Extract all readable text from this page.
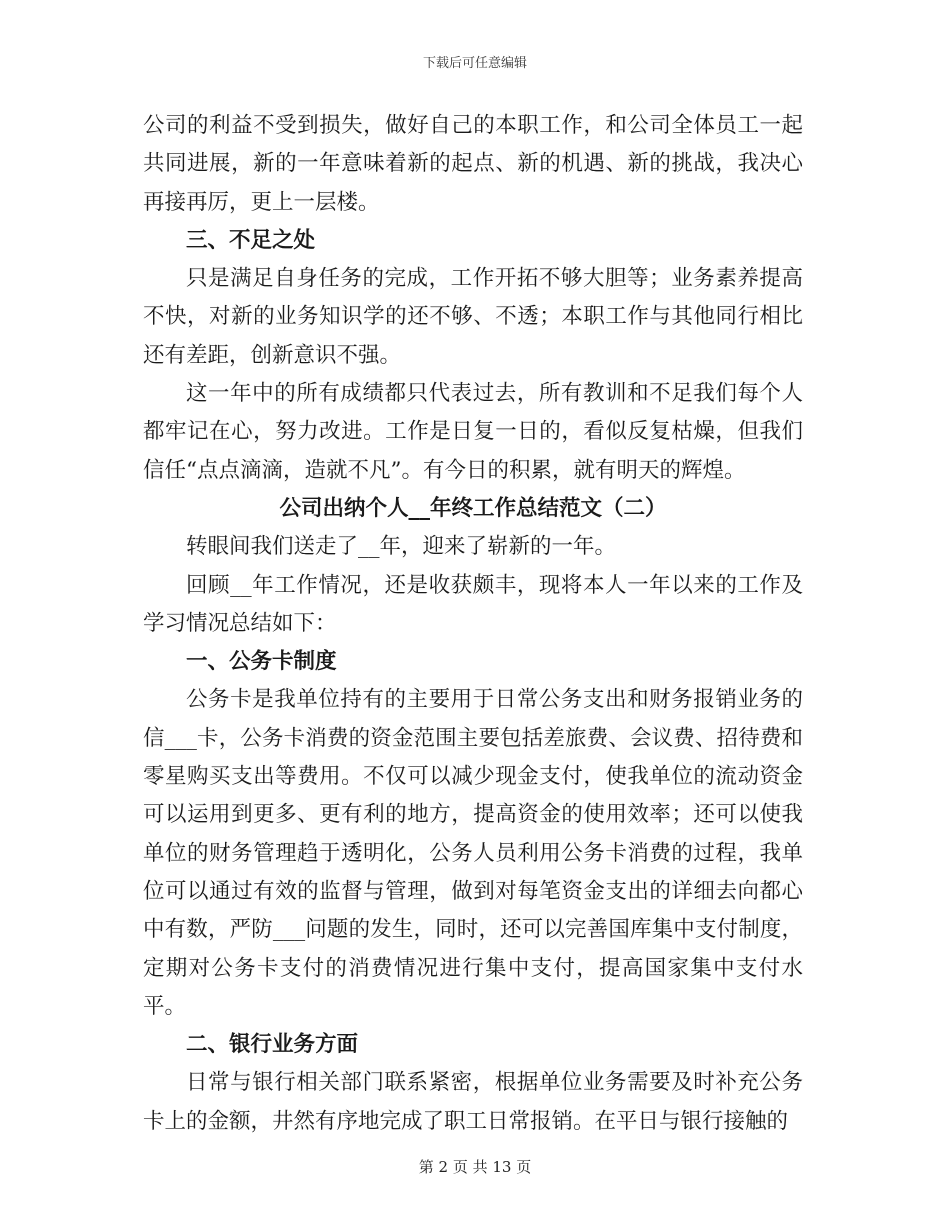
下载后可任意编辑

公司的利益不受到损失，做好自己的本职工作，和公司全体员工一起共同进展，新的一年意味着新的起点、新的机遇、新的挑战，我决心再接再厉，更上一层楼。

三、不足之处

只是满足自身任务的完成，工作开拓不够大胆等；业务素养提高不快，对新的业务知识学的还不够、不透；本职工作与其他同行相比还有差距，创新意识不强。

这一年中的所有成绩都只代表过去，所有教训和不足我们每个人都牢记在心，努力改进。工作是日复一日的，看似反复枯燥，但我们信任“点点滴滴，造就不凡”。有今日的积累，就有明天的辉煌。

公司出纳个人__年终工作总结范文（二）

转眼间我们送走了__年，迎来了崭新的一年。

回顾__年工作情况，还是收获颇丰，现将本人一年以来的工作及学习情况总结如下：

一、公务卡制度

公务卡是我单位持有的主要用于日常公务支出和财务报销业务的信___卡，公务卡消费的资金范围主要包括差旅费、会议费、招待费和零星购买支出等费用。不仅可以减少现金支付，使我单位的流动资金可以运用到更多、更有利的地方，提高资金的使用效率；还可以使我单位的财务管理趋于透明化，公务人员利用公务卡消费的过程，我单位可以通过有效的监督与管理，做到对每笔资金支出的详细去向都心中有数，严防___问题的发生，同时，还可以完善国库集中支付制度，定期对公务卡支付的消费情况进行集中支付，提高国家集中支付水平。

二、银行业务方面

日常与银行相关部门联系紧密，根据单位业务需要及时补充公务卡上的金额，井然有序地完成了职工日常报销。在平日与银行接触的

第 2 页 共 13 页
